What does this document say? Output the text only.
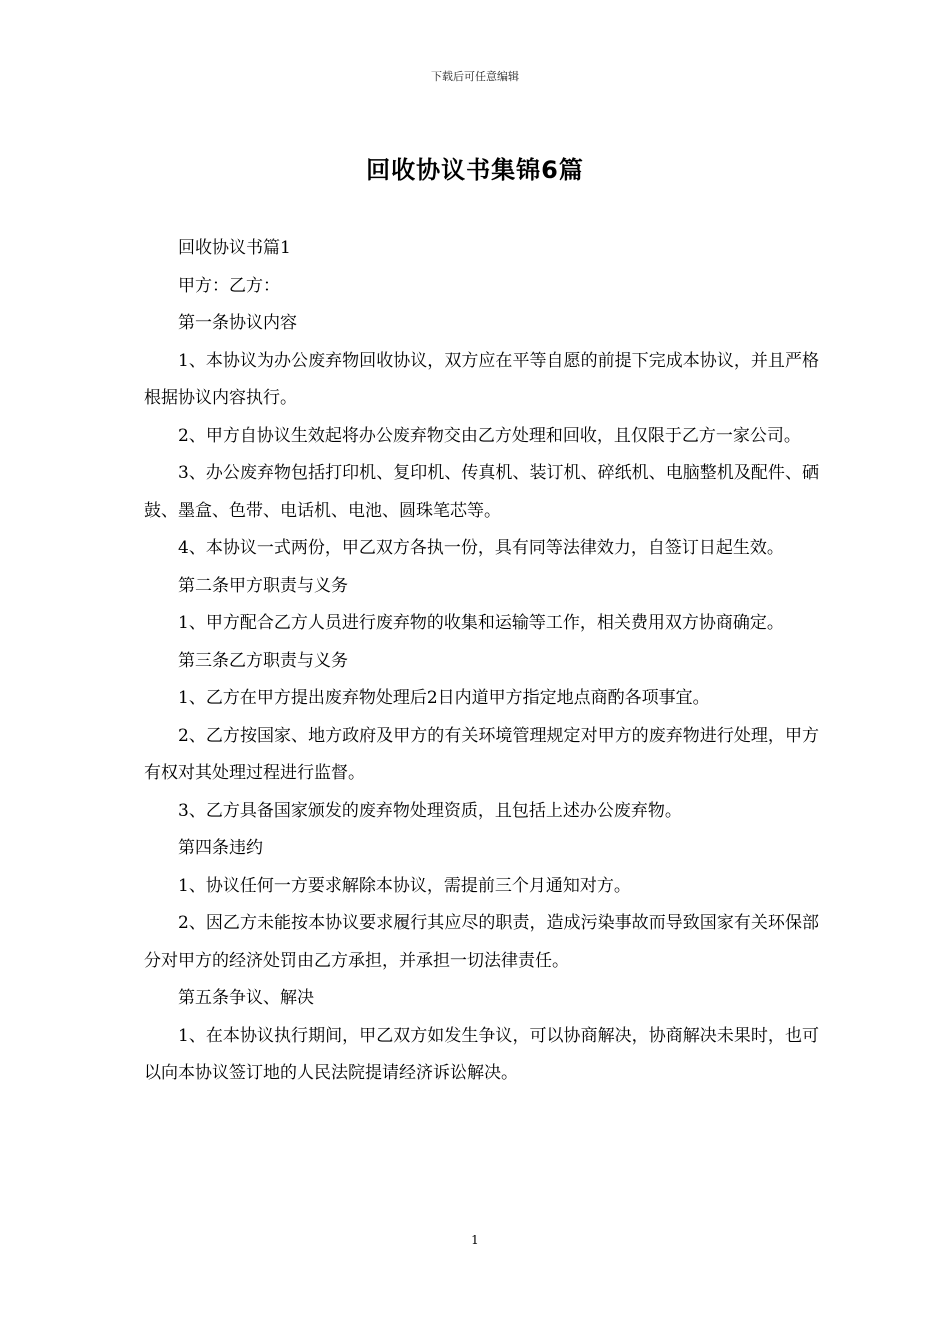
下载后可任意编辑
回收协议书集锦6篇

回收协议书篇1

甲方：乙方：

第一条协议内容

1、本协议为办公废弃物回收协议，双方应在平等自愿的前提下完成本协议，并且严格根据协议内容执行。

2、甲方自协议生效起将办公废弃物交由乙方处理和回收，且仅限于乙方一家公司。

3、办公废弃物包括打印机、复印机、传真机、装订机、碎纸机、电脑整机及配件、硒鼓、墨盒、色带、电话机、电池、圆珠笔芯等。

4、本协议一式两份，甲乙双方各执一份，具有同等法律效力，自签订日起生效。

第二条甲方职责与义务

1、甲方配合乙方人员进行废弃物的收集和运输等工作，相关费用双方协商确定。

第三条乙方职责与义务

1、乙方在甲方提出废弃物处理后2日内道甲方指定地点商酌各项事宜。

2、乙方按国家、地方政府及甲方的有关环境管理规定对甲方的废弃物进行处理，甲方有权对其处理过程进行监督。

3、乙方具备国家颁发的废弃物处理资质，且包括上述办公废弃物。

第四条违约

1、协议任何一方要求解除本协议，需提前三个月通知对方。

2、因乙方未能按本协议要求履行其应尽的职责，造成污染事故而导致国家有关环保部分对甲方的经济处罚由乙方承担，并承担一切法律责任。

第五条争议、解决

1、在本协议执行期间，甲乙双方如发生争议，可以协商解决，协商解决未果时，也可以向本协议签订地的人民法院提请经济诉讼解决。

1
